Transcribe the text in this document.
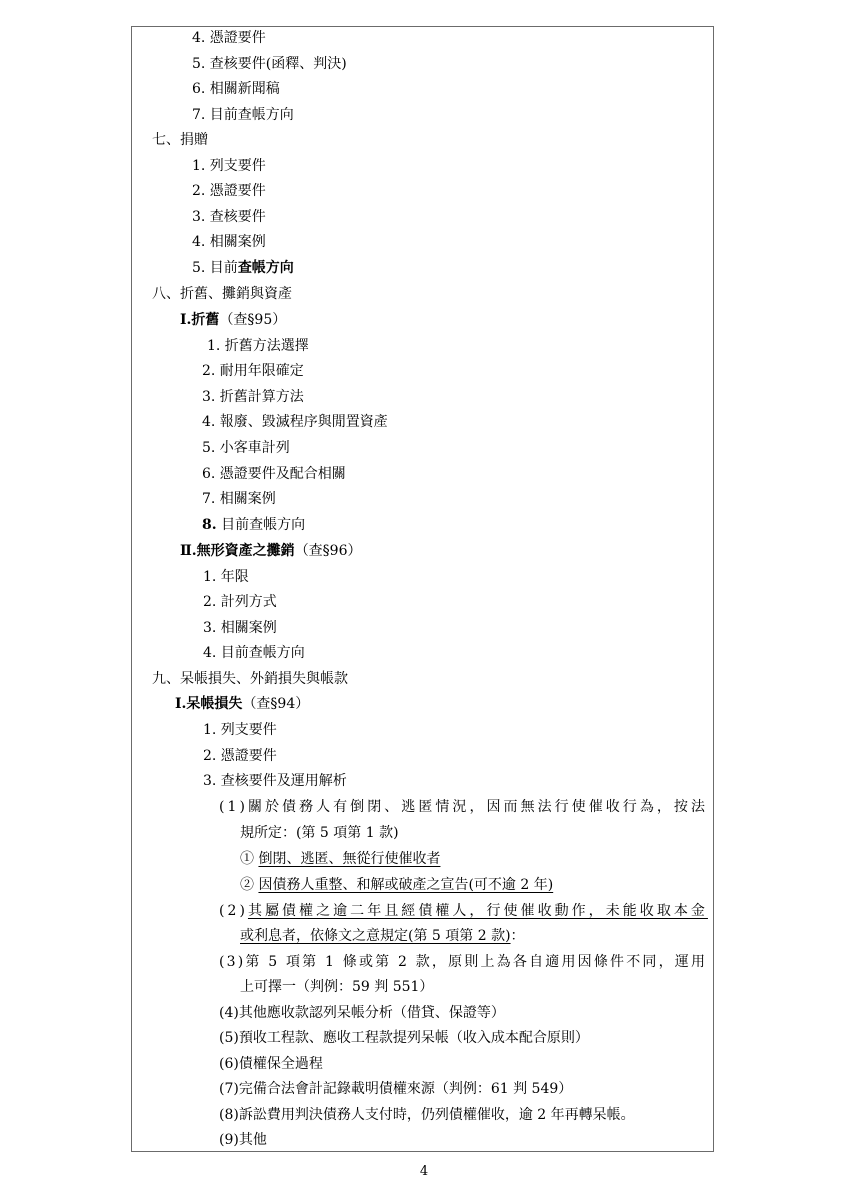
4. 憑證要件
5. 查核要件(函釋、判決)
6. 相關新聞稿
7. 目前查帳方向
七、捐贈
1. 列支要件
2. 憑證要件
3. 查核要件
4. 相關案例
5. 目前查帳方向
八、折舊、攤銷與資產
Ⅰ.折舊（查§95）
1. 折舊方法選擇
2. 耐用年限確定
3. 折舊計算方法
4. 報廢、毀滅程序與閒置資產
5. 小客車計列
6. 憑證要件及配合相關
7. 相關案例
8. 目前查帳方向
Ⅱ.無形資產之攤銷（查§96）
1. 年限
2. 計列方式
3. 相關案例
4. 目前查帳方向
九、呆帳損失、外銷損失與帳款
Ⅰ.呆帳損失（查§94）
1. 列支要件
2. 憑證要件
3. 查核要件及運用解析
(1)關於債務人有倒閉、逃匿情況，因而無法行使催收行為，按法
規所定：(第 5 項第 1 款)
① 倒閉、逃匿、無從行使催收者
② 因債務人重整、和解或破產之宣告(可不逾 2 年)
(2)其屬債權之逾二年且經債權人，行使催收動作，未能收取本金
或利息者，依條文之意規定(第 5 項第 2 款)：
(3)第 5 項第 1 條或第 2 款，原則上為各自適用因條件不同，運用
上可擇一（判例：59 判 551）
(4)其他應收款認列呆帳分析（借貸、保證等）
(5)預收工程款、應收工程款提列呆帳（收入成本配合原則）
(6)債權保全過程
(7)完備合法會計記錄載明債權來源（判例：61 判 549）
(8)訴訟費用判決債務人支付時，仍列債權催收，逾 2 年再轉呆帳。
(9)其他
4
